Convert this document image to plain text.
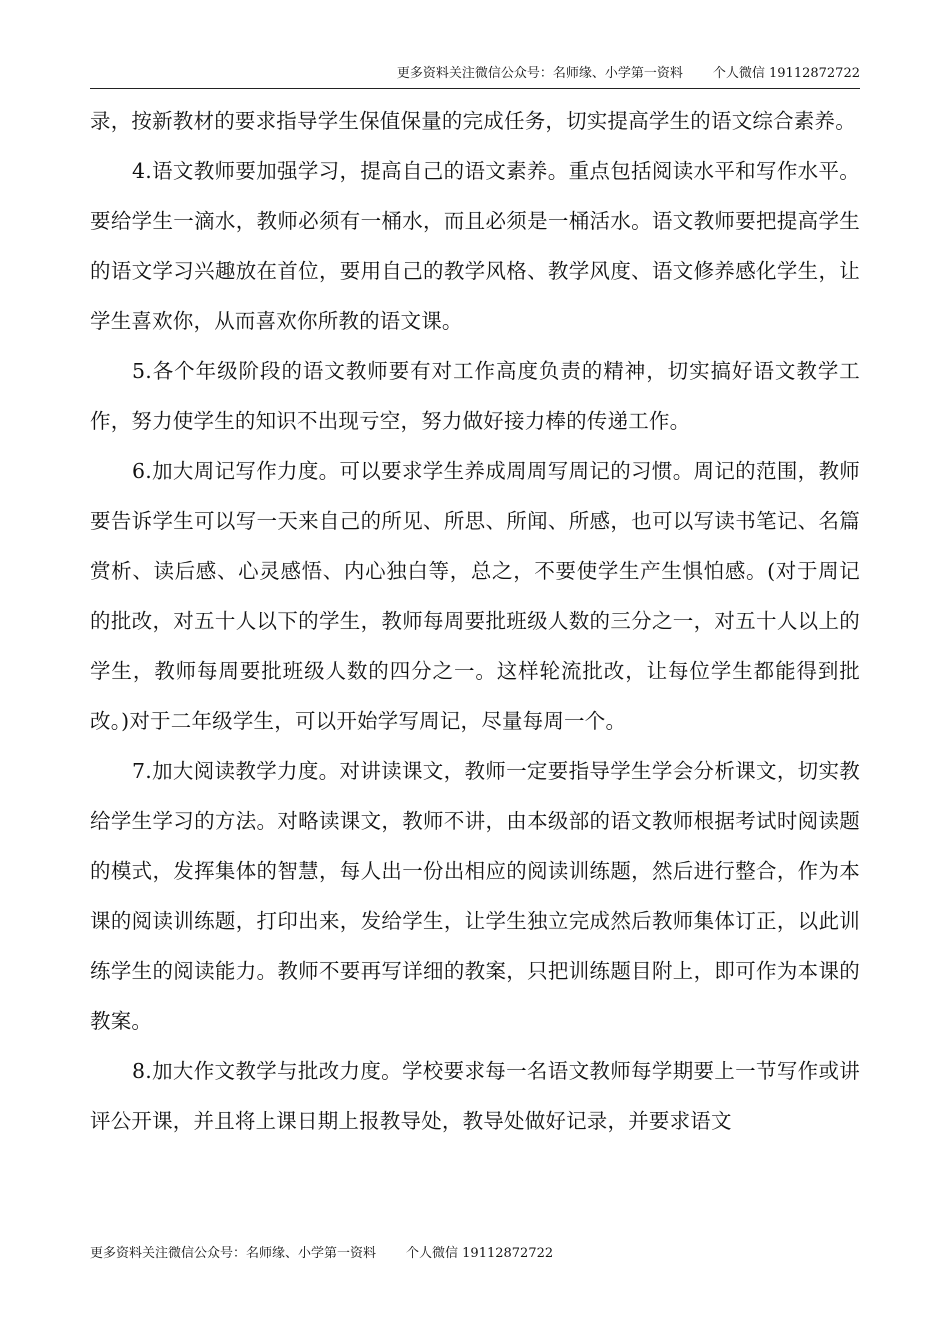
更多资料关注微信公众号：名师缘、小学第一资料 个人微信 19112872722

录，按新教材的要求指导学生保值保量的完成任务，切实提高学生的语文综合素养。

4.语文教师要加强学习，提高自己的语文素养。重点包括阅读水平和写作水平。要给学生一滴水，教师必须有一桶水，而且必须是一桶活水。语文教师要把提高学生的语文学习兴趣放在首位，要用自己的教学风格、教学风度、语文修养感化学生，让学生喜欢你，从而喜欢你所教的语文课。

5.各个年级阶段的语文教师要有对工作高度负责的精神，切实搞好语文教学工作，努力使学生的知识不出现亏空，努力做好接力棒的传递工作。

6.加大周记写作力度。可以要求学生养成周周写周记的习惯。周记的范围，教师要告诉学生可以写一天来自己的所见、所思、所闻、所感，也可以写读书笔记、名篇赏析、读后感、心灵感悟、内心独白等，总之，不要使学生产生惧怕感。(对于周记的批改，对五十人以下的学生，教师每周要批班级人数的三分之一，对五十人以上的学生，教师每周要批班级人数的四分之一。这样轮流批改，让每位学生都能得到批改。)对于二年级学生，可以开始学写周记，尽量每周一个。

7.加大阅读教学力度。对讲读课文，教师一定要指导学生学会分析课文，切实教给学生学习的方法。对略读课文，教师不讲，由本级部的语文教师根据考试时阅读题的模式，发挥集体的智慧，每人出一份出相应的阅读训练题，然后进行整合，作为本课的阅读训练题，打印出来，发给学生，让学生独立完成然后教师集体订正，以此训练学生的阅读能力。教师不要再写详细的教案，只把训练题目附上，即可作为本课的教案。

8.加大作文教学与批改力度。学校要求每一名语文教师每学期要上一节写作或讲评公开课，并且将上课日期上报教导处，教导处做好记录，并要求语文

更多资料关注微信公众号：名师缘、小学第一资料 个人微信 19112872722
